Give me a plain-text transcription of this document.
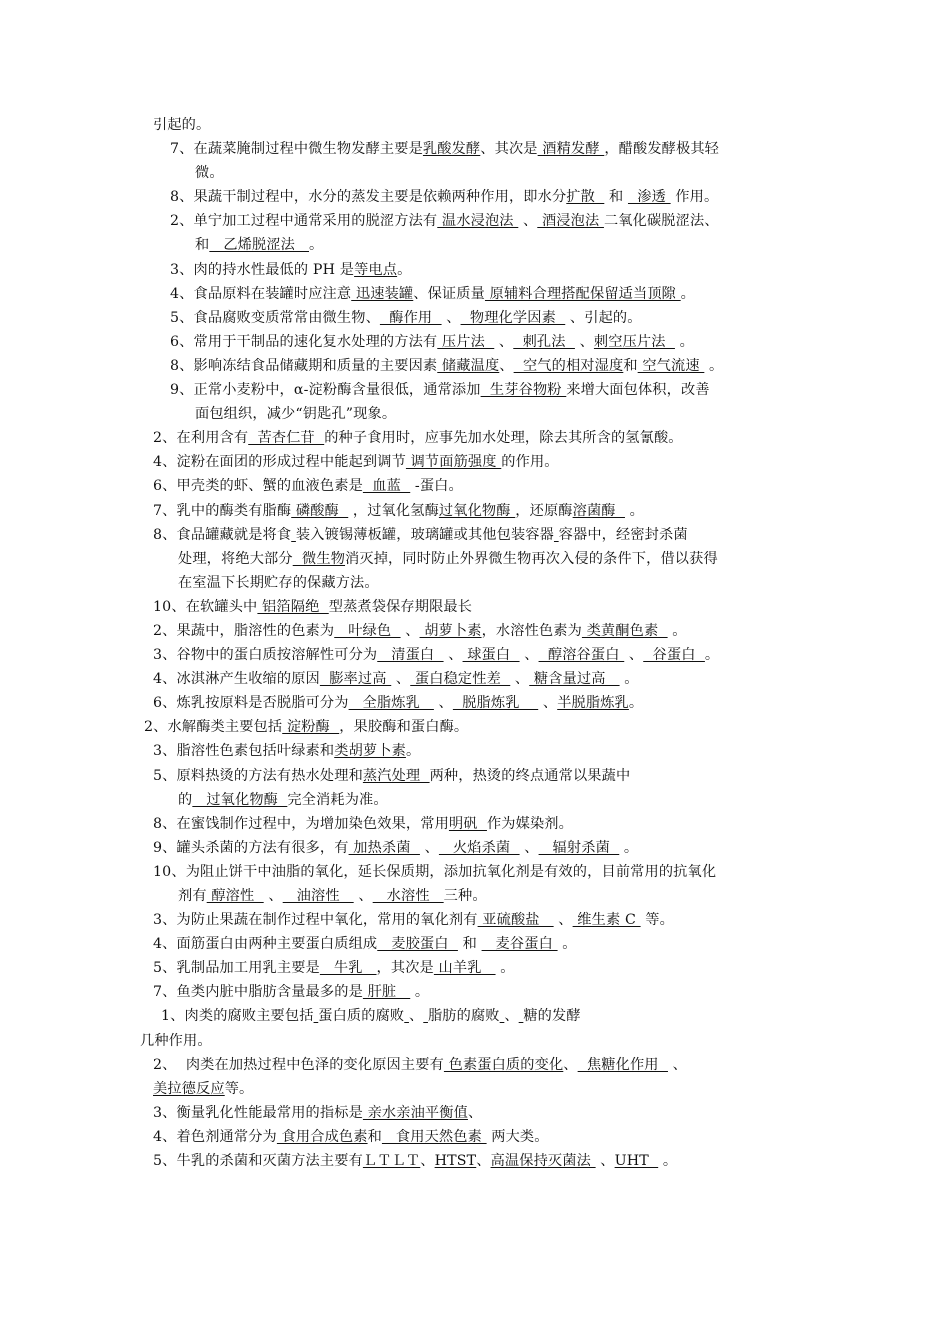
引起的。
7、在蔬菜腌制过程中微生物发酵主要是乳酸发酵、其次是 酒精发酵 ，醋酸发酵极其轻
微。
8、果蔬干制过程中，水分的蒸发主要是依赖两种作用，即水分扩散   和   渗透  作用。
2、单宁加工过程中通常采用的脱涩方法有 温水浸泡法  、 酒浸泡法 二氧化碳脱涩法、
和   乙烯脱涩法   。
3、肉的持水性最低的 PH 是等电点。
4、食品原料在装罐时应注意 迅速装罐、保证质量 原辅料合理搭配保留适当顶隙 。
5、食品腐败变质常常由微生物、  酶作用   、  物理化学因素   、引起的。
6、常用于干制品的速化复水处理的方法有 压片法   、  刺孔法   、刺空压片法   。
8、影响冻结食品储藏期和质量的主要因素 储藏温度、  空气的相对湿度和 空气流速  。
9、正常小麦粉中，α-淀粉酶含量很低，通常添加  生芽谷物粉 来增大面包体积，改善
面包组织，减少“钥匙孔”现象。
2、在利用含有  苦杏仁苷  的种子食用时，应事先加水处理，除去其所含的氢氰酸。
4、淀粉在面团的形成过程中能起到调节 调节面筋强度 的作用。
6、甲壳类的虾、蟹的血液色素是  血蓝   -蛋白。
7、乳中的酶类有脂酶 磷酸酶   ，过氧化氢酶过氧化物酶 ，还原酶溶菌酶   。
8、食品罐藏就是将食 装入镀锡薄板罐，玻璃罐或其他包装容器 容器中，经密封杀菌
处理，将绝大部分  微生物消灭掉，同时防止外界微生物再次入侵的条件下，借以获得
在室温下长期贮存的保藏方法。
10、在软罐头中 铝箔隔绝  型蒸煮袋保存期限最长
2、果蔬中，脂溶性的色素为   叶绿色   、 胡萝卜素，水溶性色素为 类黄酮色素   。
3、谷物中的蛋白质按溶解性可分为   清蛋白   、 球蛋白   、  醇溶谷蛋白  、  谷蛋白  。
4、冰淇淋产生收缩的原因  膨率过高  、 蛋白稳定性差   、 糖含量过高    。
6、炼乳按原料是否脱脂可分为   全脂炼乳    、  脱脂炼乳     、半脱脂炼乳。
2、水解酶类主要包括 淀粉酶  ，果胶酶和蛋白酶。
3、脂溶性色素包括叶绿素和类胡萝卜素。
5、原料热烫的方法有热水处理和蒸汽处理  两种，热烫的终点通常以果蔬中
的   过氧化物酶  完全消耗为准。
8、在蜜饯制作过程中，为增加染色效果，常用明矾  作为媒染剂。
9、罐头杀菌的方法有很多，有 加热杀菌   、   火焰杀菌   、   辐射杀菌   。
10、为阻止饼干中油脂的氧化，延长保质期，添加抗氧化剂是有效的，目前常用的抗氧化
剂有 醇溶性   、   油溶性    、   水溶性   三种。
3、为防止果蔬在制作过程中氧化，常用的氧化剂有 亚硫酸盐    、 维生素 C  等。
4、面筋蛋白由两种主要蛋白质组成   麦胶蛋白   和    麦谷蛋白  。
5、乳制品加工用乳主要是   牛乳   ，其次是 山羊乳    。
7、鱼类内脏中脂肪含量最多的是 肝脏    。
1、肉类的腐败主要包括 蛋白质的腐败 、 脂肪的腐败 、 糖的发酵
几种作用。
2、  肉类在加热过程中色泽的变化原因主要有 色素蛋白质的变化、  焦糖化作用   、
美拉德反应等。
3、衡量乳化性能最常用的指标是 亲水亲油平衡值、
4、着色剂通常分为 食用合成色素和   食用天然色素  两大类。
5、牛乳的杀菌和灭菌方法主要有ＬＴＬＴ、HTST、高温保持灭菌法  、UHT   。
